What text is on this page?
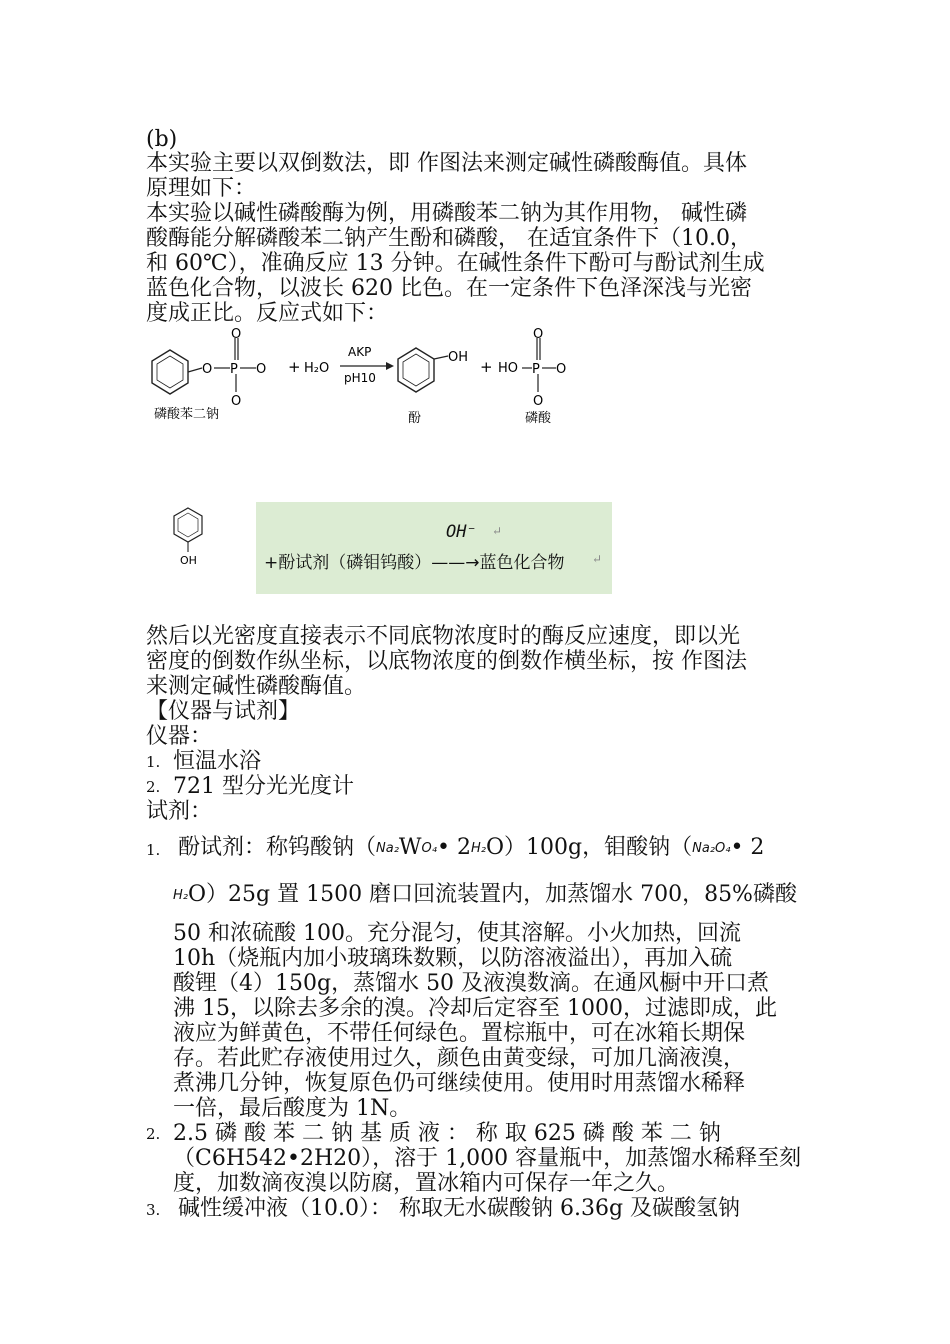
(b)
本实验主要以双倒数法，即 作图法来测定碱性磷酸酶值。具体
原理如下：
本实验以碱性磷酸酶为例，用磷酸苯二钠为其作用物， 碱性磷
酸酶能分解磷酸苯二钠产生酚和磷酸， 在适宜条件下（10.0，
和 60℃），准确反应 13 分钟。在碱性条件下酚可与酚试剂生成
蓝色化合物，以波长 620 比色。在一定条件下色泽深浅与光密
度成正比。反应式如下：
O P
O
O
O
+ H₂O
AKP
pH10
OH
+ HO P
O
O
O
磷酸苯二钠	酚	磷酸
OH
OH⁻ ↵
+酚试剂（磷钼钨酸）——→蓝色化合物 ↵
然后以光密度直接表示不同底物浓度时的酶反应速度，即以光
密度的倒数作纵坐标，以底物浓度的倒数作横坐标，按 作图法
来测定碱性磷酸酶值。
【仪器与试剂】
仪器：
1. 恒温水浴
2. 721 型分光光度计
试剂：
1. 酚试剂：称钨酸钠（Na₂WO₄• 2H₂O）100g，钼酸钠（Na₂O₄• 2
H₂O）25g 置 1500 磨口回流装置内，加蒸馏水 700，85%磷酸
50 和浓硫酸 100。充分混匀，使其溶解。小火加热，回流
10h（烧瓶内加小玻璃珠数颗，以防溶液溢出），再加入硫
酸锂（4）150g，蒸馏水 50 及液溴数滴。在通风橱中开口煮
沸 15，以除去多余的溴。冷却后定容至 1000，过滤即成，此
液应为鲜黄色，不带任何绿色。置棕瓶中，可在冰箱长期保
存。若此贮存液使用过久，颜色由黄变绿，可加几滴液溴，
煮沸几分钟，恢复原色仍可继续使用。使用时用蒸馏水稀释
一倍，最后酸度为 1N。
2. 2.5 磷 酸 苯 二 钠 基 质 液 ： 称 取 625 磷 酸 苯 二 钠
（C6H542•2H20），溶于 1,000 容量瓶中，加蒸馏水稀释至刻
度，加数滴夜溴以防腐，置冰箱内可保存一年之久。
3. 碱性缓冲液（10.0）： 称取无水碳酸钠 6.36g 及碳酸氢钠
